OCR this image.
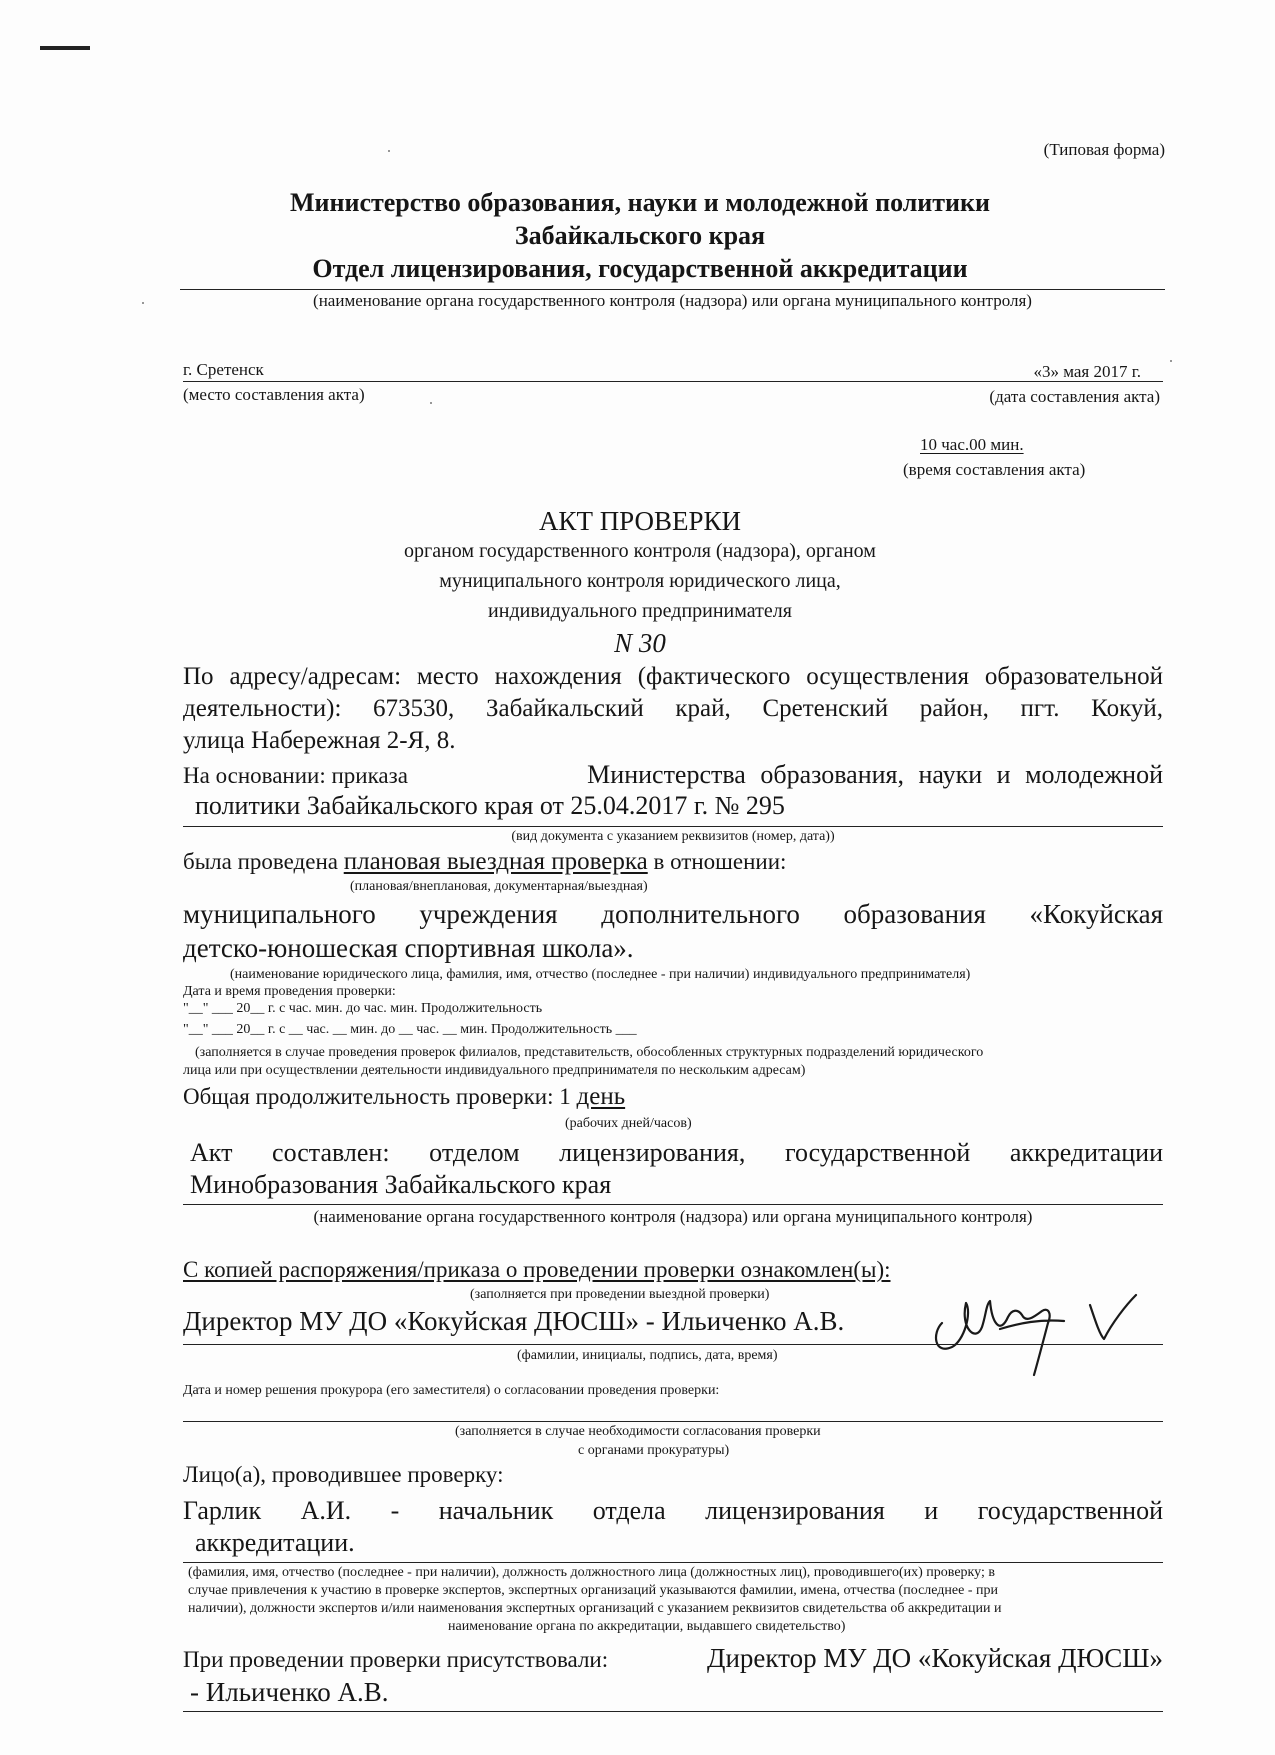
(Типовая форма)
Министерство образования, науки и молодежной политики
Забайкальского края
Отдел лицензирования, государственной аккредитации
(наименование органа государственного контроля (надзора) или органа муниципального контроля)
г. Сретенск	«3» мая 2017 г.
(место составления акта)	(дата составления акта)
10 час.00 мин.
(время составления акта)
АКТ ПРОВЕРКИ
органом государственного контроля (надзора), органом
муниципального контроля юридического лица,
индивидуального предпринимателя
N 30
По адресу/адресам: место нахождения (фактического осуществления образовательной
деятельности): 673530, Забайкальский край, Сретенский район, пгт. Кокуй,
улица Набережная 2-Я, 8.
На основании: приказа	Министерства образования, науки и молодежной
политики Забайкальского края от 25.04.2017 г. № 295
(вид документа с указанием реквизитов (номер, дата))
была проведена плановая выездная проверка в отношении:
(плановая/внеплановая, документарная/выездная)
муниципального учреждения дополнительного образования «Кокуйская
детско-юношеская спортивная школа».
(наименование юридического лица, фамилия, имя, отчество (последнее - при наличии) индивидуального предпринимателя)
Дата и время проведения проверки:
"__" ___ 20__ г. с час. мин. до час. мин. Продолжительность
"__" ___ 20__ г. с __ час. __ мин. до __ час. __ мин. Продолжительность ___
(заполняется в случае проведения проверок филиалов, представительств, обособленных структурных подразделений юридического
лица или при осуществлении деятельности индивидуального предпринимателя по нескольким адресам)
Общая продолжительность проверки: 1 день
(рабочих дней/часов)
Акт составлен: отделом лицензирования, государственной аккредитации
Минобразования Забайкальского края
(наименование органа государственного контроля (надзора) или органа муниципального контроля)
С копией распоряжения/приказа о проведении проверки ознакомлен(ы):
(заполняется при проведении выездной проверки)
Директор МУ ДО «Кокуйская ДЮСШ» - Ильиченко А.В.
(фамилии, инициалы, подпись, дата, время)
Дата и номер решения прокурора (его заместителя) о согласовании проведения проверки:
(заполняется в случае необходимости согласования проверки
с органами прокуратуры)
Лицо(а), проводившее проверку:
Гарлик А.И. - начальник отдела лицензирования и государственной
аккредитации.
(фамилия, имя, отчество (последнее - при наличии), должность должностного лица (должностных лиц), проводившего(их) проверку; в
случае привлечения к участию в проверке экспертов, экспертных организаций указываются фамилии, имена, отчества (последнее - при
наличии), должности экспертов и/или наименования экспертных организаций с указанием реквизитов свидетельства об аккредитации и
наименование органа по аккредитации, выдавшего свидетельство)
При проведении проверки присутствовали:	Директор МУ ДО «Кокуйская ДЮСШ»
- Ильиченко А.В.
